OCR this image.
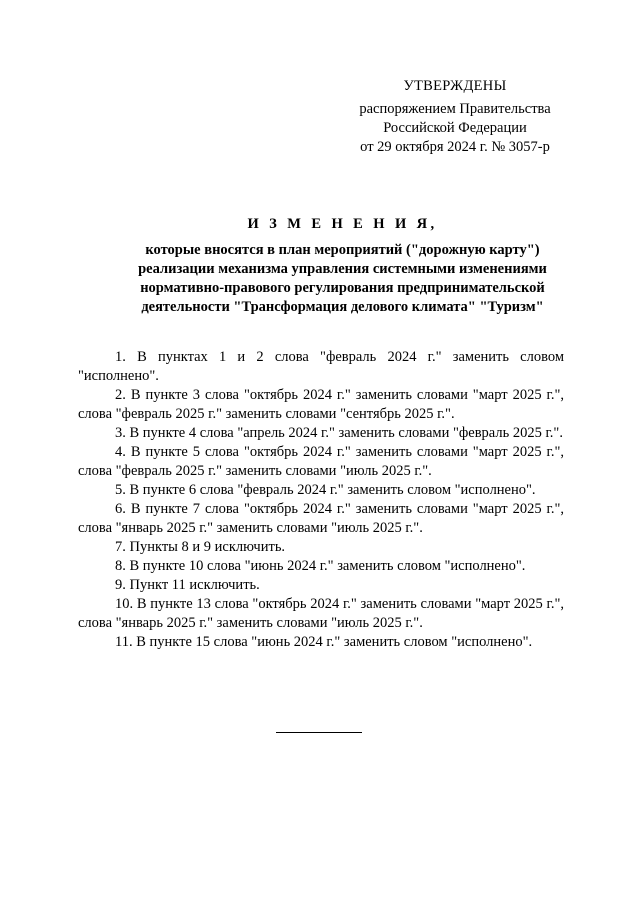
УТВЕРЖДЕНЫ
распоряжением Правительства
Российской Федерации
от 29 октября 2024 г. № 3057-р
И З М Е Н Е Н И Я,
которые вносятся в план мероприятий ("дорожную карту")
реализации механизма управления системными изменениями
нормативно-правового регулирования предпринимательской
деятельности "Трансформация делового климата" "Туризм"

1. В пунктах 1 и 2 слова "февраль 2024 г." заменить словом "исполнено".

2. В пункте 3 слова "октябрь 2024 г." заменить словами "март 2025 г.", слова "февраль 2025 г." заменить словами "сентябрь 2025 г.".

3. В пункте 4 слова "апрель 2024 г." заменить словами "февраль 2025 г.".

4. В пункте 5 слова "октябрь 2024 г." заменить словами "март 2025 г.", слова "февраль 2025 г." заменить словами "июль 2025 г.".

5. В пункте 6 слова "февраль 2024 г." заменить словом "исполнено".

6. В пункте 7 слова "октябрь 2024 г." заменить словами "март 2025 г.", слова "январь 2025 г." заменить словами "июль 2025 г.".

7. Пункты 8 и 9 исключить.

8. В пункте 10 слова "июнь 2024 г." заменить словом "исполнено".

9. Пункт 11 исключить.

10. В пункте 13 слова "октябрь 2024 г." заменить словами "март 2025 г.", слова "январь 2025 г." заменить словами "июль 2025 г.".

11. В пункте 15 слова "июнь 2024 г." заменить словом "исполнено".
